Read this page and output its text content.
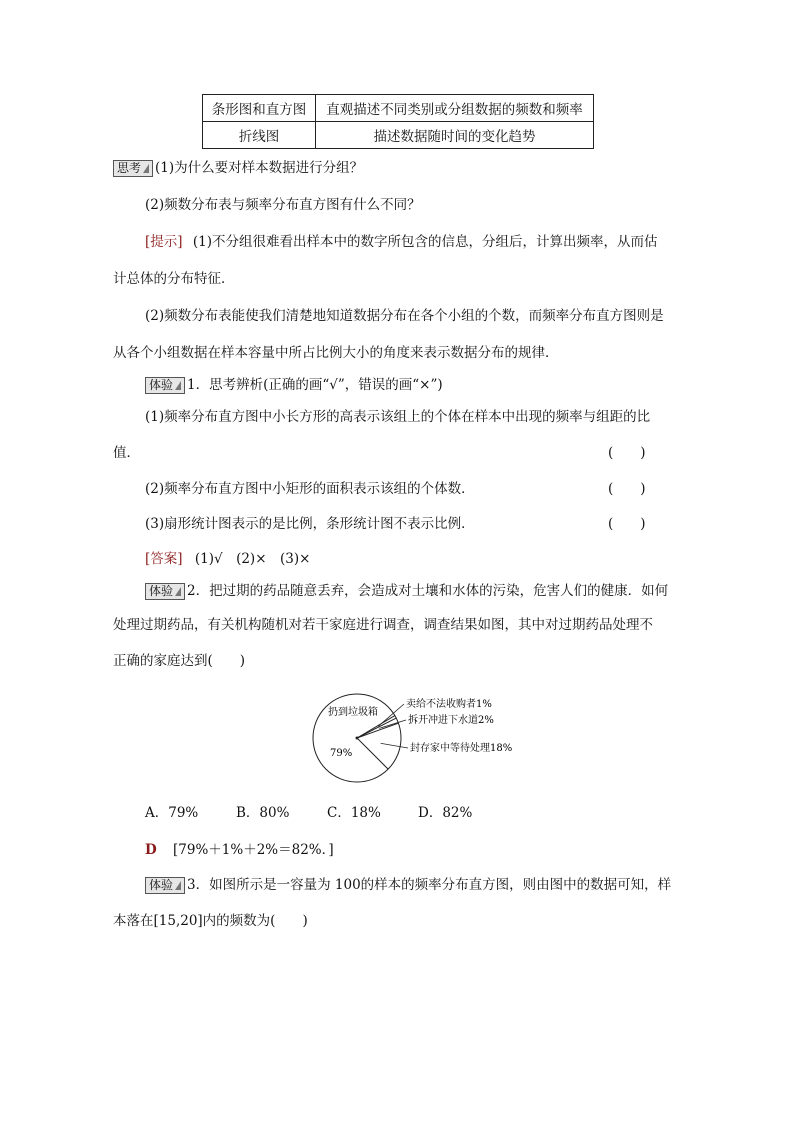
条形图和直方图	直观描述不同类别或分组数据的频数和频率
折线图	描述数据随时间的变化趋势
思考 (1)为什么要对样本数据进行分组？
(2)频数分布表与频率分布直方图有什么不同？
[提示] (1)不分组很难看出样本中的数字所包含的信息，分组后，计算出频率，从而估
计总体的分布特征．
(2)频数分布表能使我们清楚地知道数据分布在各个小组的个数，而频率分布直方图则是
从各个小组数据在样本容量中所占比例大小的角度来表示数据分布的规律．
体验 1．思考辨析(正确的画“√”，错误的画“×”)
(1)频率分布直方图中小长方形的高表示该组上的个体在样本中出现的频率与组距的比
值．	(　　)
(2)频率分布直方图中小矩形的面积表示该组的个体数．	(　　)
(3)扇形统计图表示的是比例，条形统计图不表示比例．	(　　)
[答案] (1)√　(2)×　(3)×
体验 2．把过期的药品随意丢弃，会造成对土壤和水体的污染，危害人们的健康．如何
处理过期药品，有关机构随机对若干家庭进行调查，调查结果如图，其中对过期药品处理不
正确的家庭达到(　　)
扔到垃圾箱
79%
卖给不法收购者1%
拆开冲进下水道2%
封存家中等待处理18%
A．79%	B．80%	C．18%	D．82%
D [79%＋1%＋2%＝82%．]
体验 3．如图所示是一容量为 100的样本的频率分布直方图，则由图中的数据可知，样
本落在[15,20]内的频数为(　　)
